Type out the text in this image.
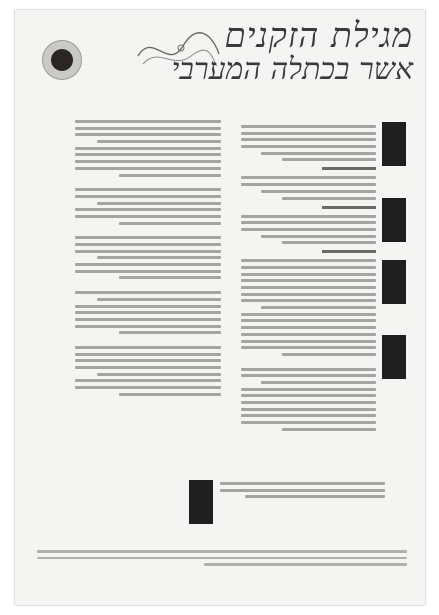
מגילת הזקנים
אשר בכתלה המערבי
